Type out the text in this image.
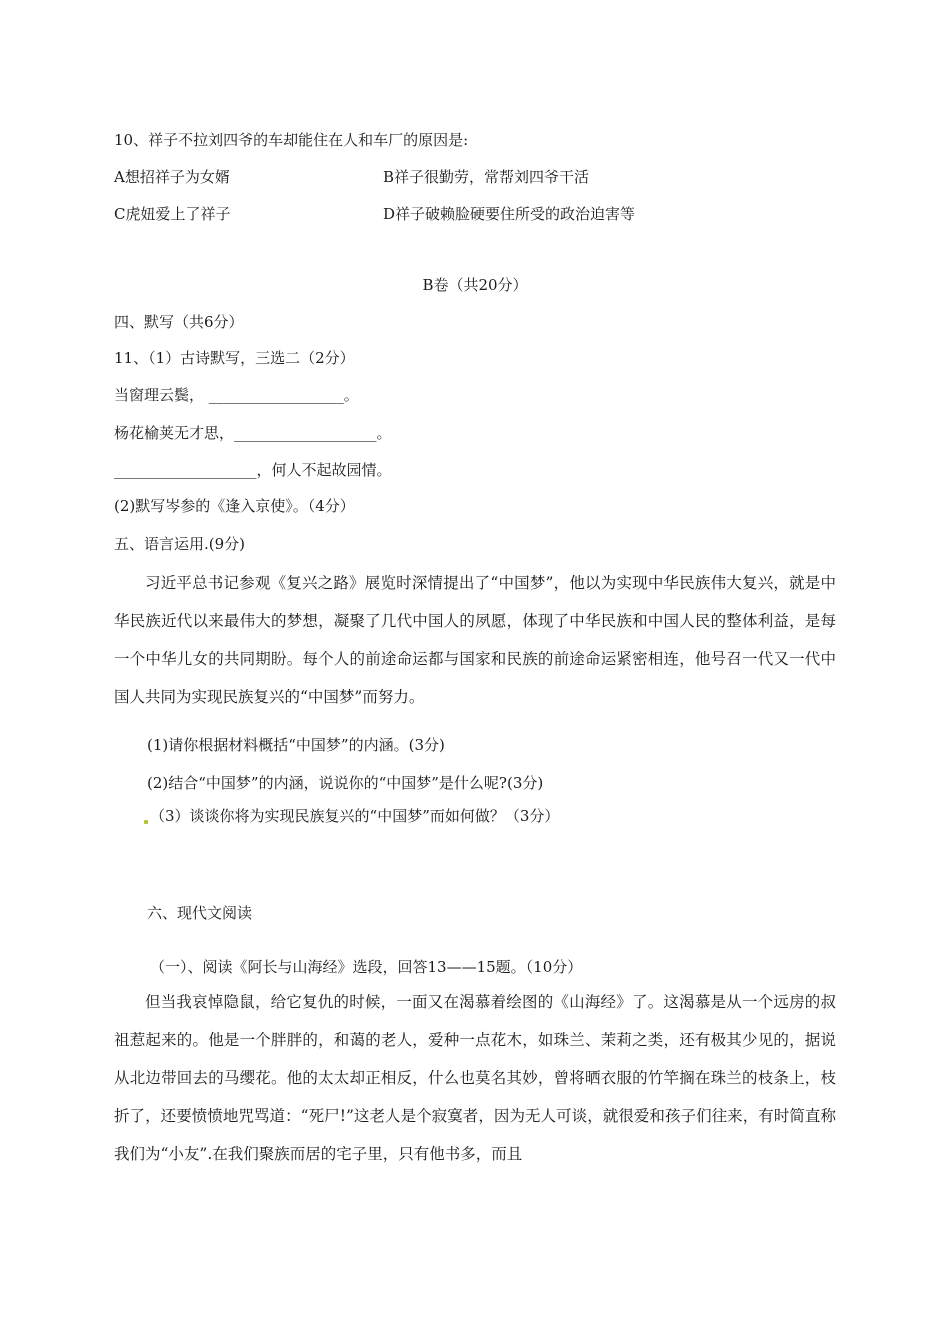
10、祥子不拉刘四爷的车却能住在人和车厂的原因是:
A想招祥子为女婿	B祥子很勤劳，常帮刘四爷干活
C虎妞爱上了祥子	D祥子破赖脸硬要住所受的政治迫害等
B卷（共20分）
四、默写（共6分）
11、（1）古诗默写，三选二（2分）
当窗理云鬓， __________________。
杨花榆荚无才思，___________________。
___________________，何人不起故园情。
(2)默写岑参的《逢入京使》。（4分）
五、语言运用.(9分)
习近平总书记参观《复兴之路》展览时深情提出了“中国梦”，他以为实现中华民族伟大复兴，就是中华民族近代以来最伟大的梦想，凝聚了几代中国人的夙愿，体现了中华民族和中国人民的整体利益，是每一个中华儿女的共同期盼。每个人的前途命运都与国家和民族的前途命运紧密相连，他号召一代又一代中国人共同为实现民族复兴的“中国梦”而努力。
(1)请你根据材料概括“中国梦”的内涵。(3分)
(2)结合“中国梦”的内涵，说说你的“中国梦”是什么呢?(3分)
（3）谈谈你将为实现民族复兴的“中国梦”而如何做？（3分）
六、现代文阅读
（一）、阅读《阿长与山海经》选段，回答13——15题。（10分）
但当我哀悼隐鼠，给它复仇的时候，一面又在渴慕着绘图的《山海经》了。这渴慕是从一个远房的叔祖惹起来的。他是一个胖胖的，和蔼的老人，爱种一点花木，如珠兰、茉莉之类，还有极其少见的，据说从北边带回去的马缨花。他的太太却正相反，什么也莫名其妙，曾将晒衣服的竹竿搁在珠兰的枝条上，枝折了，还要愤愤地咒骂道：“死尸!”这老人是个寂寞者，因为无人可谈，就很爱和孩子们往来，有时简直称我们为“小友”.在我们聚族而居的宅子里，只有他书多，而且
